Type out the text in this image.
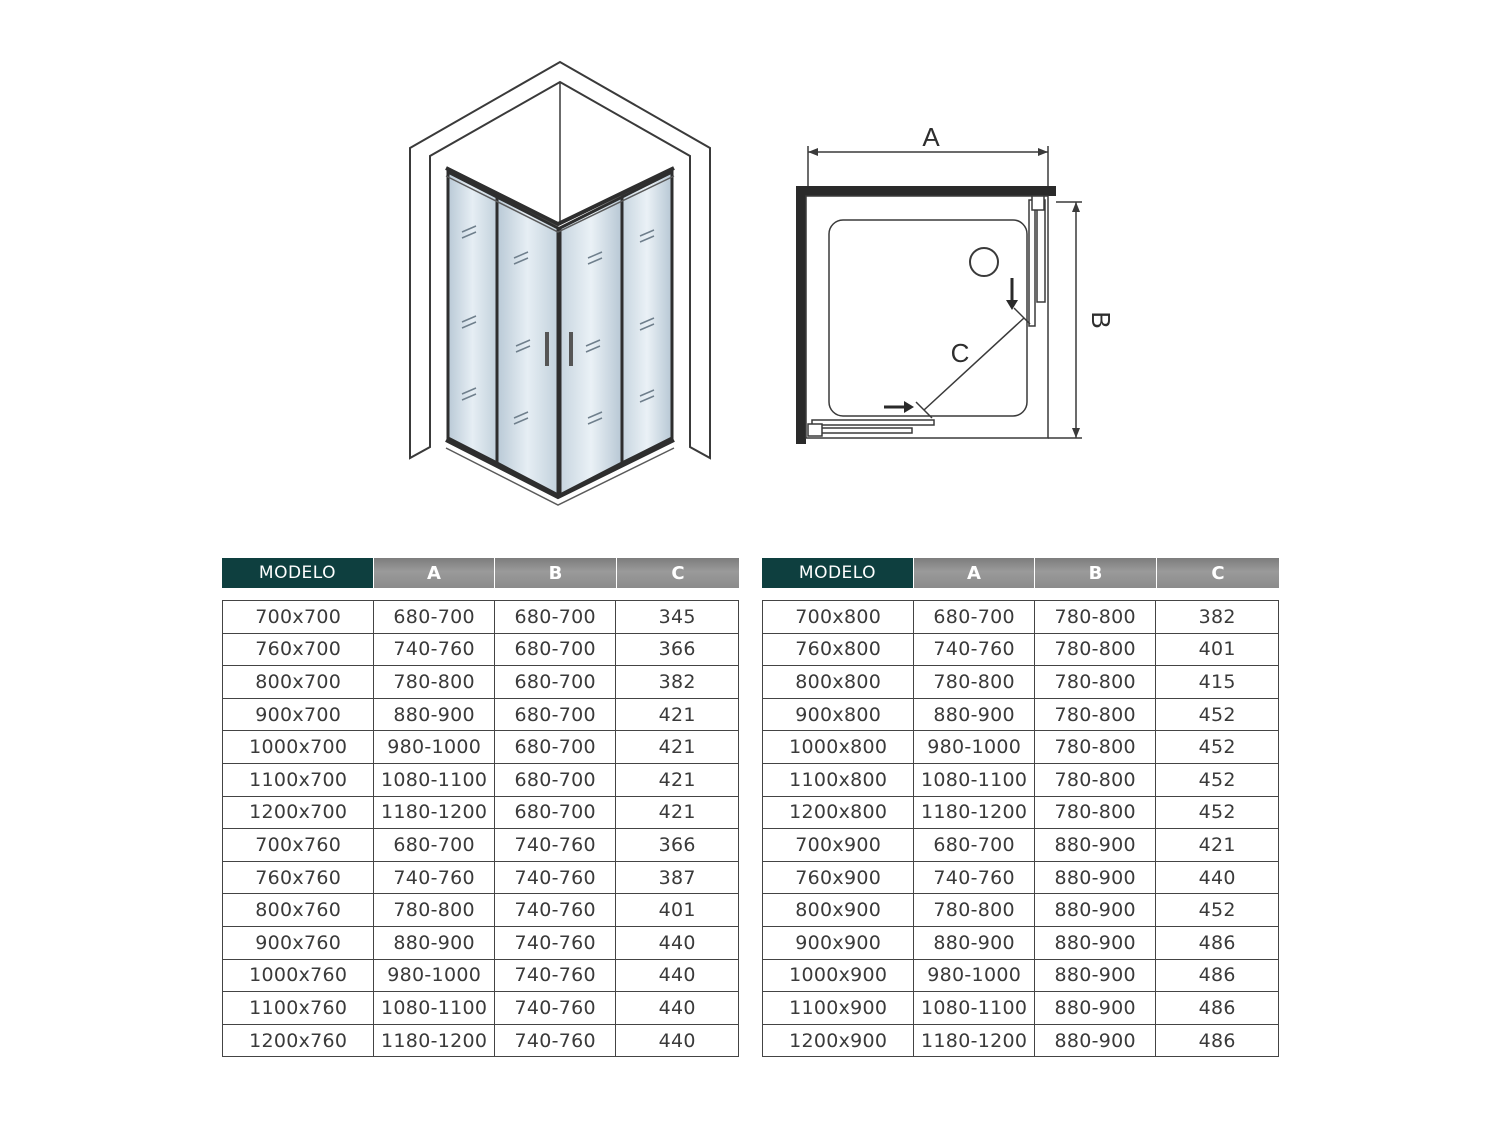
A
B
C
MODELO	A	B	C
700x700	680-700	680-700	345
760x700	740-760	680-700	366
800x700	780-800	680-700	382
900x700	880-900	680-700	421
1000x700	980-1000	680-700	421
1100x700	1080-1100	680-700	421
1200x700	1180-1200	680-700	421
700x760	680-700	740-760	366
760x760	740-760	740-760	387
800x760	780-800	740-760	401
900x760	880-900	740-760	440
1000x760	980-1000	740-760	440
1100x760	1080-1100	740-760	440
1200x760	1180-1200	740-760	440
MODELO	A	B	C
700x800	680-700	780-800	382
760x800	740-760	780-800	401
800x800	780-800	780-800	415
900x800	880-900	780-800	452
1000x800	980-1000	780-800	452
1100x800	1080-1100	780-800	452
1200x800	1180-1200	780-800	452
700x900	680-700	880-900	421
760x900	740-760	880-900	440
800x900	780-800	880-900	452
900x900	880-900	880-900	486
1000x900	980-1000	880-900	486
1100x900	1080-1100	880-900	486
1200x900	1180-1200	880-900	486
